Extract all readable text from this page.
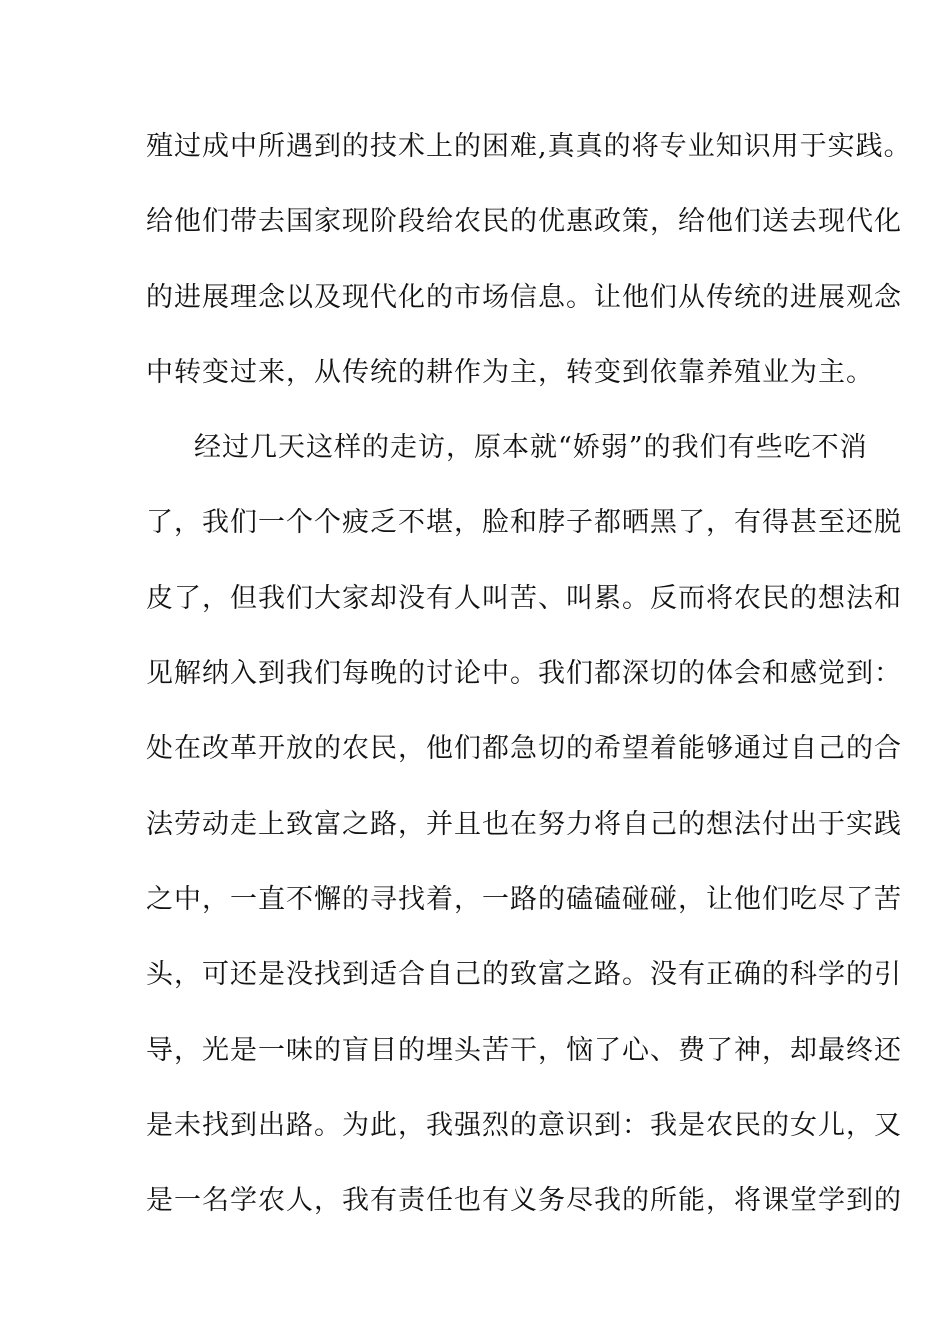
殖过成中所遇到的技术上的困难,真真的将专业知识用于实践。
给他们带去国家现阶段给农民的优惠政策，给他们送去现代化
的进展理念以及现代化的市场信息。让他们从传统的进展观念
中转变过来，从传统的耕作为主，转变到依靠养殖业为主。
经过几天这样的走访，原本就“娇弱”的我们有些吃不消
了，我们一个个疲乏不堪，脸和脖子都晒黑了，有得甚至还脱
皮了，但我们大家却没有人叫苦、叫累。反而将农民的想法和
见解纳入到我们每晚的讨论中。我们都深切的体会和感觉到：
处在改革开放的农民，他们都急切的希望着能够通过自己的合
法劳动走上致富之路，并且也在努力将自己的想法付出于实践
之中，一直不懈的寻找着，一路的磕磕碰碰，让他们吃尽了苦
头，可还是没找到适合自己的致富之路。没有正确的科学的引
导，光是一味的盲目的埋头苦干，恼了心、费了神，却最终还
是未找到出路。为此，我强烈的意识到：我是农民的女儿，又
是一名学农人，我有责任也有义务尽我的所能，将课堂学到的
